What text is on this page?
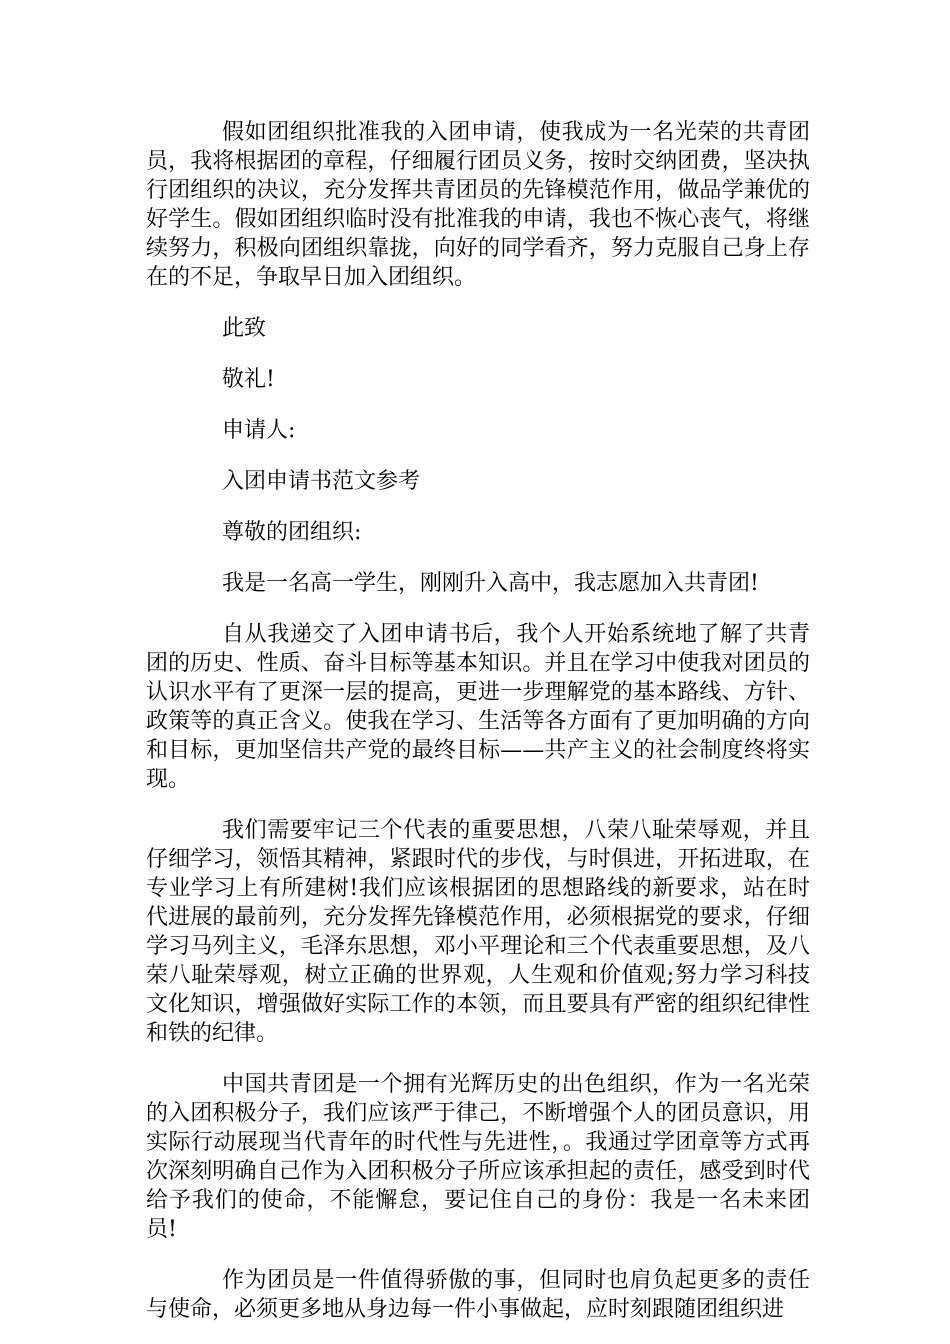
假如团组织批准我的入团申请，使我成为一名光荣的共青团员，我将根据团的章程，仔细履行团员义务，按时交纳团费，坚决执行团组织的决议，充分发挥共青团员的先锋模范作用，做品学兼优的好学生。假如团组织临时没有批准我的申请，我也不恢心丧气，将继续努力，积极向团组织靠拢，向好的同学看齐，努力克服自己身上存在的不足，争取早日加入团组织。

此致

敬礼!

申请人:

入团申请书范文参考

尊敬的团组织:

我是一名高一学生，刚刚升入高中，我志愿加入共青团!

自从我递交了入团申请书后，我个人开始系统地了解了共青团的历史、性质、奋斗目标等基本知识。并且在学习中使我对团员的认识水平有了更深一层的提高，更进一步理解党的基本路线、方针、政策等的真正含义。使我在学习、生活等各方面有了更加明确的方向和目标，更加坚信共产党的最终目标——共产主义的社会制度终将实现。

我们需要牢记三个代表的重要思想，八荣八耻荣辱观，并且仔细学习，领悟其精神，紧跟时代的步伐，与时俱进，开拓进取，在专业学习上有所建树!我们应该根据团的思想路线的新要求，站在时代进展的最前列，充分发挥先锋模范作用，必须根据党的要求，仔细学习马列主义，毛泽东思想，邓小平理论和三个代表重要思想，及八荣八耻荣辱观，树立正确的世界观，人生观和价值观;努力学习科技文化知识，增强做好实际工作的本领，而且要具有严密的组织纪律性和铁的纪律。

中国共青团是一个拥有光辉历史的出色组织，作为一名光荣的入团积极分子，我们应该严于律己，不断增强个人的团员意识，用实际行动展现当代青年的时代性与先进性，。我通过学团章等方式再次深刻明确自己作为入团积极分子所应该承担起的责任，感受到时代给予我们的使命，不能懈怠，要记住自己的身份：我是一名未来团员!

作为团员是一件值得骄傲的事，但同时也肩负起更多的责任与使命，必须更多地从身边每一件小事做起，应时刻跟随团组织进
